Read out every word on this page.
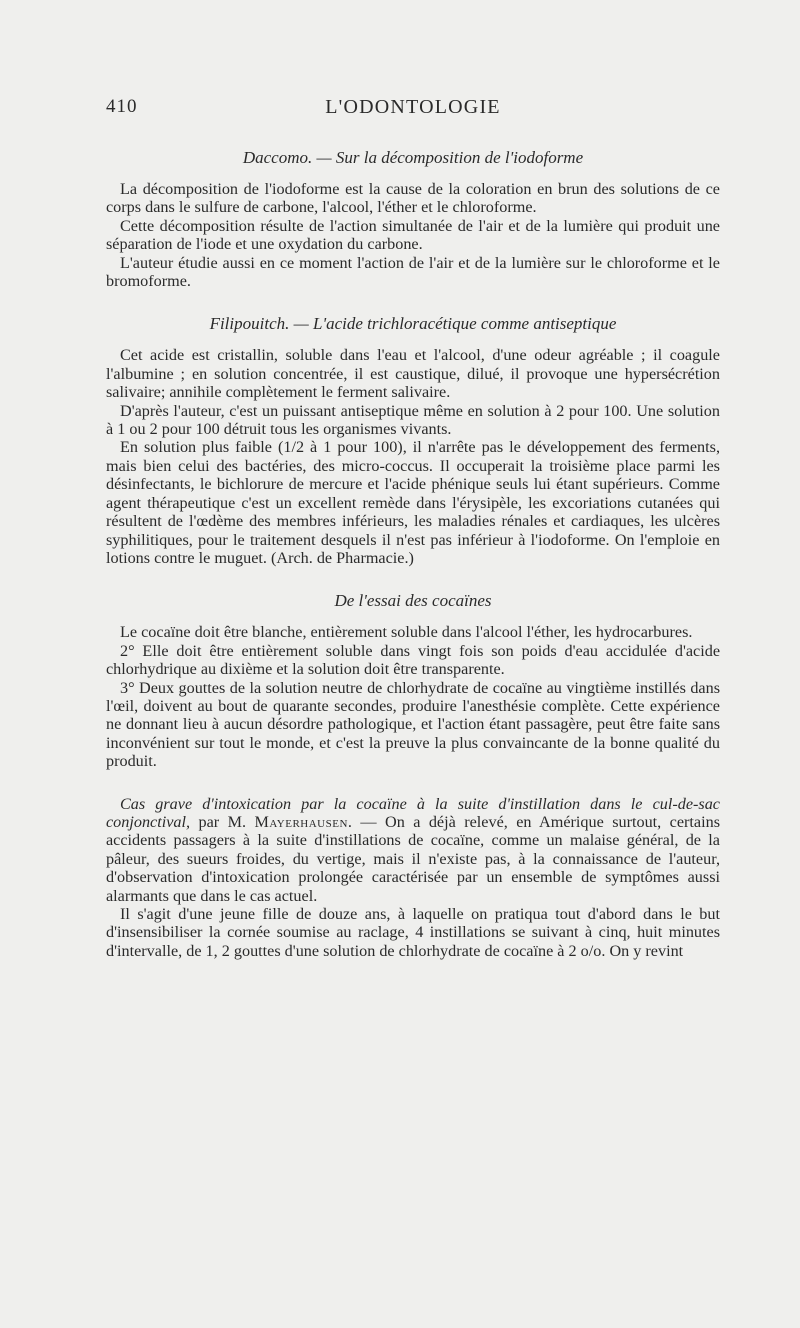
410	L'ODONTOLOGIE
Daccomo. — Sur la décomposition de l'iodoforme

La décomposition de l'iodoforme est la cause de la coloration en brun des solutions de ce corps dans le sulfure de carbone, l'alcool, l'éther et le chloroforme.

Cette décomposition résulte de l'action simultanée de l'air et de la lumière qui produit une séparation de l'iode et une oxydation du carbone.

L'auteur étudie aussi en ce moment l'action de l'air et de la lumière sur le chloroforme et le bromoforme.

Filipouitch. — L'acide trichloracétique comme antiseptique

Cet acide est cristallin, soluble dans l'eau et l'alcool, d'une odeur agréable ; il coagule l'albumine ; en solution concentrée, il est caustique, dilué, il provoque une hypersécrétion salivaire; annihile complètement le ferment salivaire.

D'après l'auteur, c'est un puissant antiseptique même en solution à 2 pour 100. Une solution à 1 ou 2 pour 100 détruit tous les organismes vivants.

En solution plus faible (1/2 à 1 pour 100), il n'arrête pas le développement des ferments, mais bien celui des bactéries, des micro-coccus. Il occuperait la troisième place parmi les désinfectants, le bichlorure de mercure et l'acide phénique seuls lui étant supérieurs. Comme agent thérapeutique c'est un excellent remède dans l'érysipèle, les excoriations cutanées qui résultent de l'œdème des membres inférieurs, les maladies rénales et cardiaques, les ulcères syphilitiques, pour le traitement desquels il n'est pas inférieur à l'iodoforme. On l'emploie en lotions contre le muguet. (Arch. de Pharmacie.)

De l'essai des cocaïnes

Le cocaïne doit être blanche, entièrement soluble dans l'alcool l'éther, les hydrocarbures.

2° Elle doit être entièrement soluble dans vingt fois son poids d'eau accidulée d'acide chlorhydrique au dixième et la solution doit être transparente.

3° Deux gouttes de la solution neutre de chlorhydrate de cocaïne au vingtième instillés dans l'œil, doivent au bout de quarante secondes, produire l'anesthésie complète. Cette expérience ne donnant lieu à aucun désordre pathologique, et l'action étant passagère, peut être faite sans inconvénient sur tout le monde, et c'est la preuve la plus convaincante de la bonne qualité du produit.

Cas grave d'intoxication par la cocaïne à la suite d'instillation dans le cul-de-sac conjonctival, par M. Mayerhausen. — On a déjà relevé, en Amérique surtout, certains accidents passagers à la suite d'instillations de cocaïne, comme un malaise général, de la pâleur, des sueurs froides, du vertige, mais il n'existe pas, à la connaissance de l'auteur, d'observation d'intoxication prolongée caractérisée par un ensemble de symptômes aussi alarmants que dans le cas actuel.

Il s'agit d'une jeune fille de douze ans, à laquelle on pratiqua tout d'abord dans le but d'insensibiliser la cornée soumise au raclage, 4 instillations se suivant à cinq, huit minutes d'intervalle, de 1, 2 gouttes d'une solution de chlorhydrate de cocaïne à 2 o/o. On y revint
